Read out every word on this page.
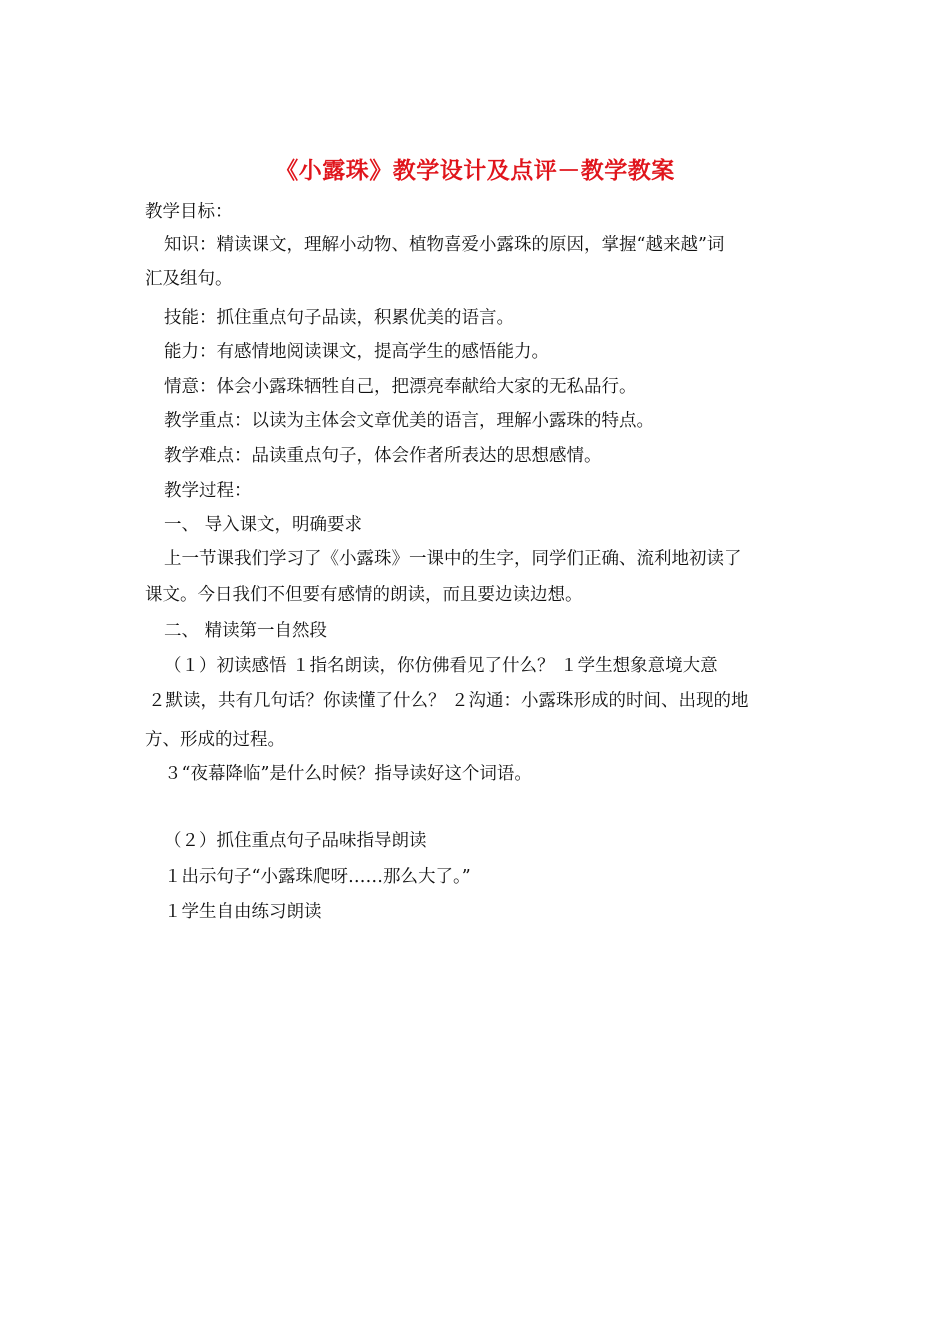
《小露珠》教学设计及点评－教学教案
教学目标：
知识：精读课文，理解小动物、植物喜爱小露珠的原因，掌握“越来越”词
汇及组句。
技能：抓住重点句子品读，积累优美的语言。
能力：有感情地阅读课文，提高学生的感悟能力。
情意：体会小露珠牺牲自己，把漂亮奉献给大家的无私品行。
教学重点：以读为主体会文章优美的语言，理解小露珠的特点。
教学难点：品读重点句子，体会作者所表达的思想感情。
教学过程：
一、 导入课文，明确要求
上一节课我们学习了《小露珠》一课中的生字，同学们正确、流利地初读了
课文。今日我们不但要有感情的朗读，而且要边读边想。
二、 精读第一自然段
（１）初读感悟 １指名朗读，你仿佛看见了什么？ １学生想象意境大意
２默读，共有几句话？你读懂了什么？ ２沟通：小露珠形成的时间、出现的地
方、形成的过程。
３“夜幕降临”是什么时候？指导读好这个词语。
（２）抓住重点句子品味指导朗读
１出示句子“小露珠爬呀……那么大了。”
１学生自由练习朗读
